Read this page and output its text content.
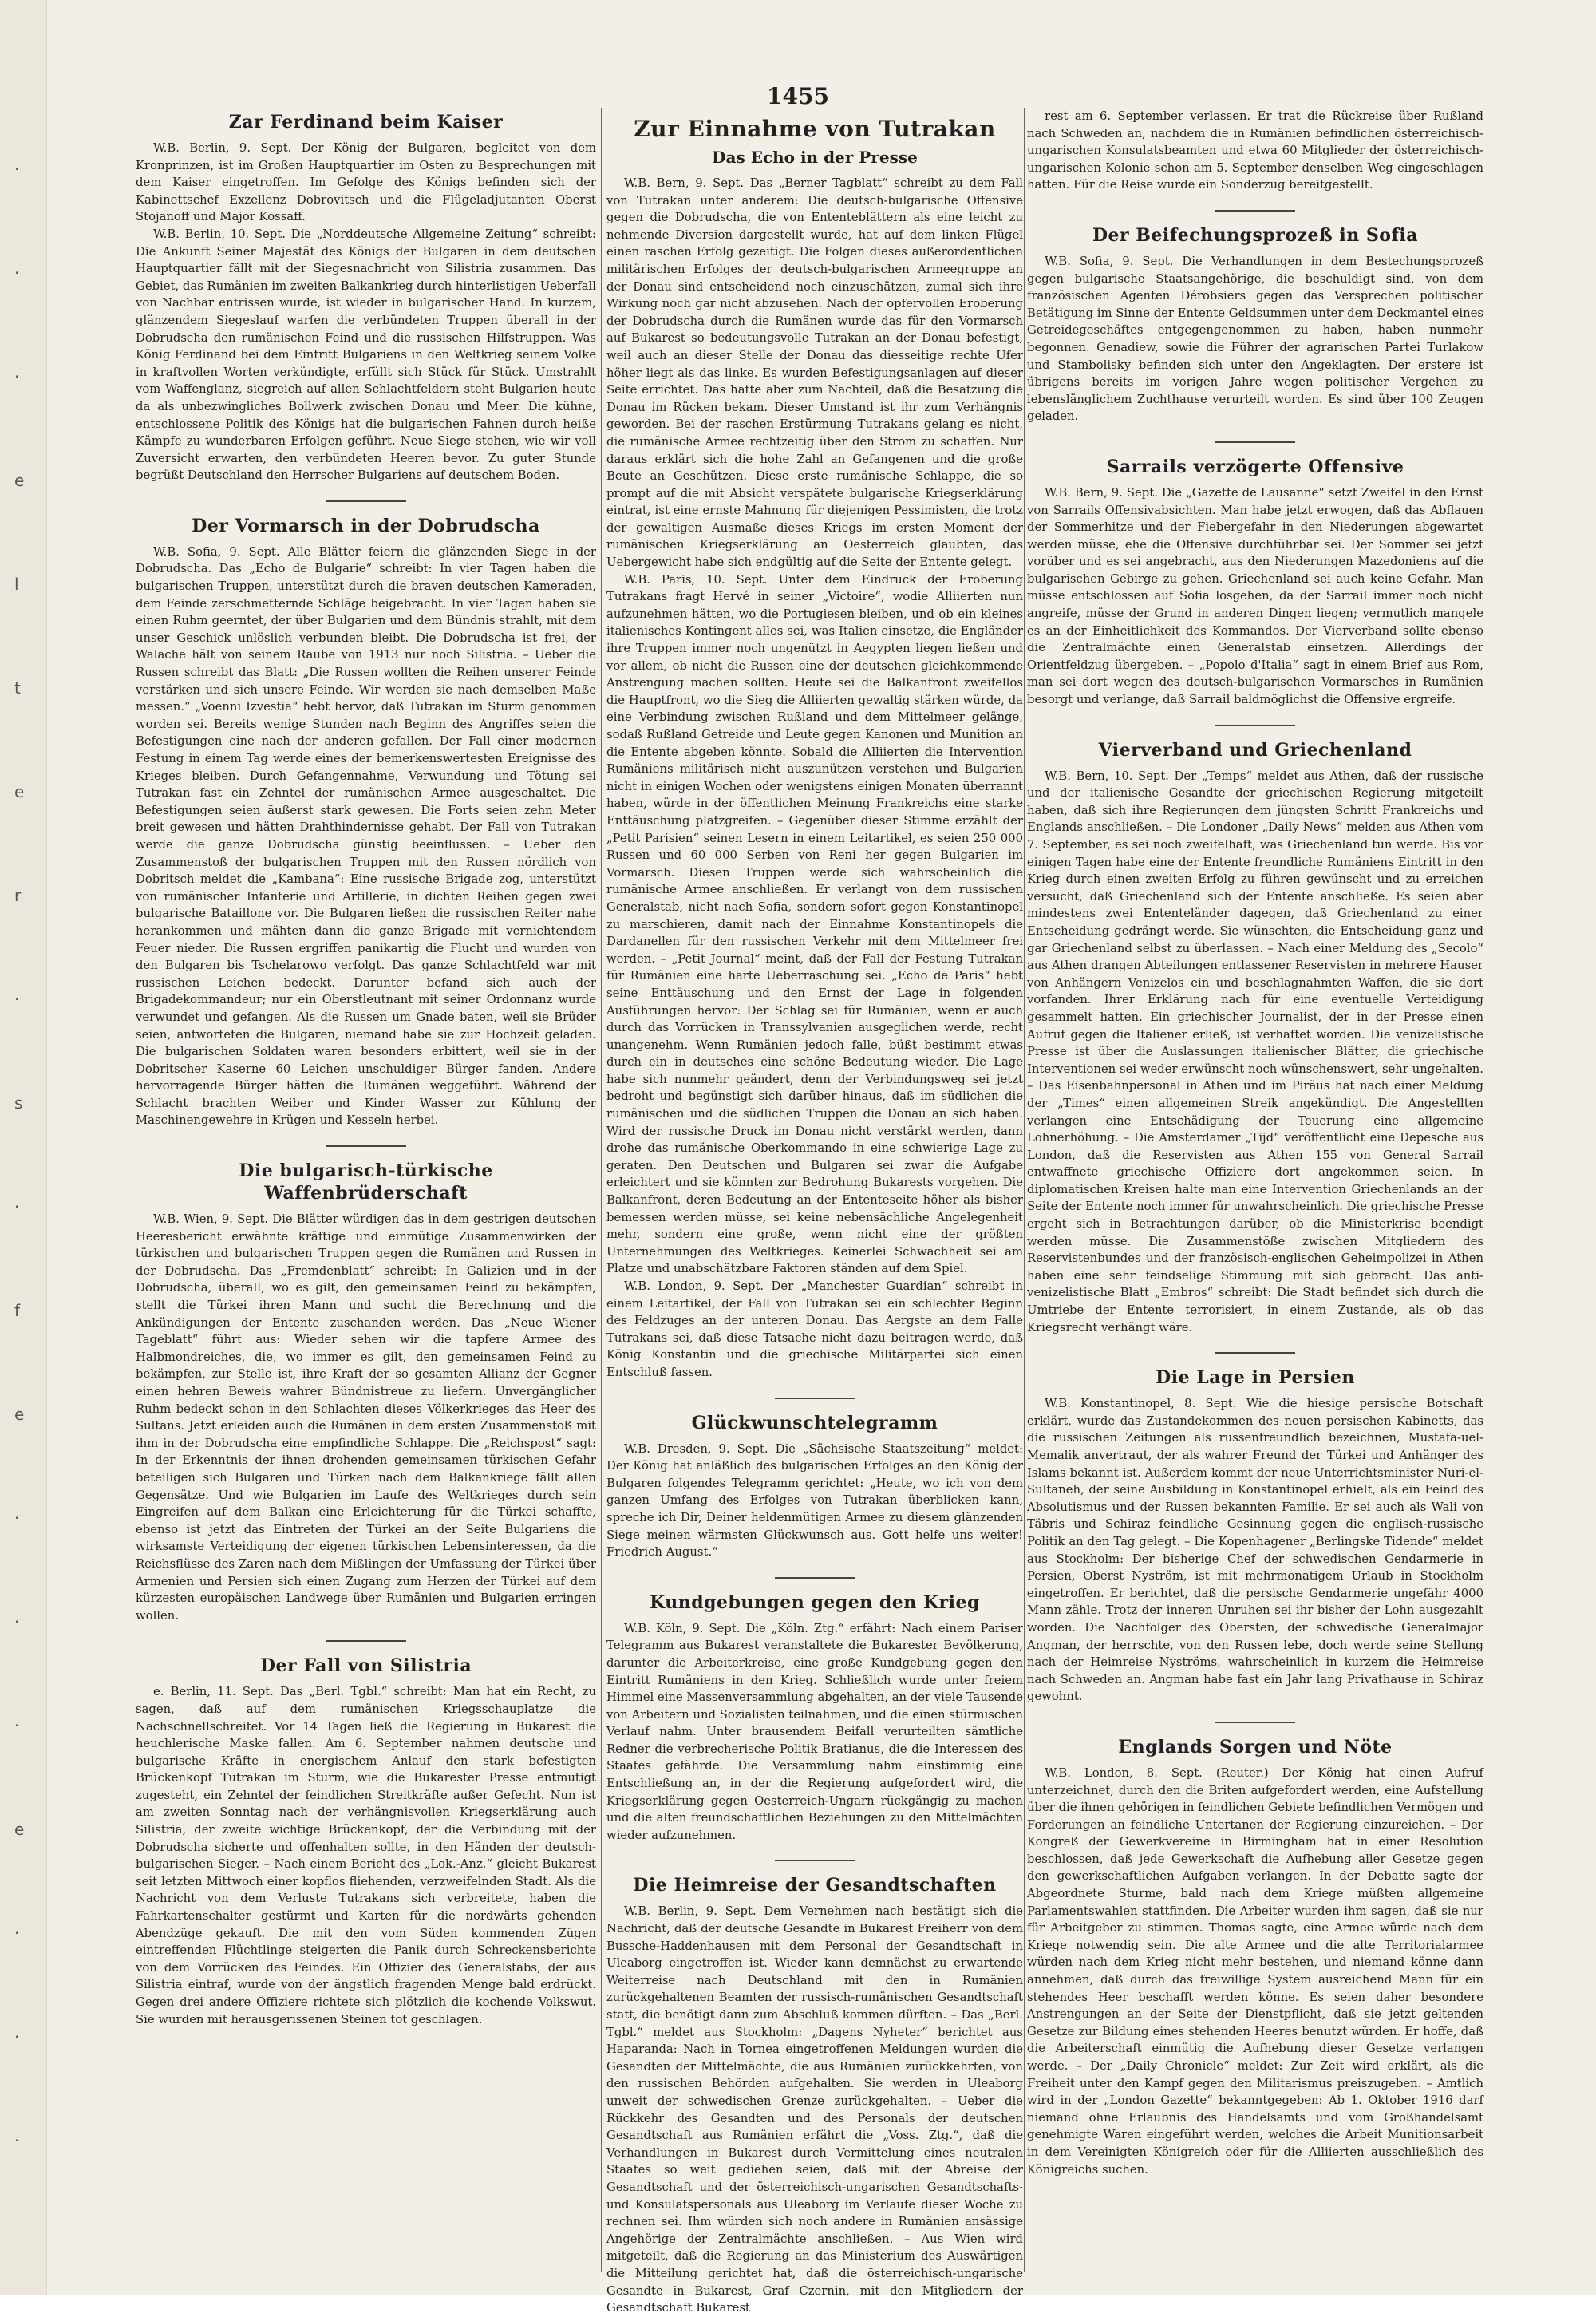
·
·
·
e
l
t
e
r
·
s
·
f
e
·
·
·
e
·
·
·
1455
Zar Ferdinand beim Kaiser

W.B. Berlin, 9. Sept. Der König der Bulgaren, begleitet von dem Kronprinzen, ist im Großen Hauptquartier im Osten zu Besprechungen mit dem Kaiser eingetroffen. Im Gefolge des Königs befinden sich der Kabinettschef Exzellenz Dobrovitsch und die Flügeladjutanten Oberst Stojanoff und Major Kossaff.

W.B. Berlin, 10. Sept. Die „Norddeutsche Allgemeine Zeitung“ schreibt: Die Ankunft Seiner Majestät des Königs der Bulgaren in dem deutschen Hauptquartier fällt mit der Siegesnachricht von Silistria zusammen. Das Gebiet, das Rumänien im zweiten Balkankrieg durch hinterlistigen Ueberfall von Nachbar entrissen wurde, ist wieder in bulgarischer Hand. In kurzem, glänzendem Siegeslauf warfen die verbündeten Truppen überall in der Dobrudscha den rumänischen Feind und die russischen Hilfstruppen. Was König Ferdinand bei dem Eintritt Bulgariens in den Weltkrieg seinem Volke in kraftvollen Worten verkündigte, erfüllt sich Stück für Stück. Umstrahlt vom Waffenglanz, siegreich auf allen Schlachtfeldern steht Bulgarien heute da als unbezwingliches Bollwerk zwischen Donau und Meer. Die kühne, entschlossene Politik des Königs hat die bulgarischen Fahnen durch heiße Kämpfe zu wunderbaren Erfolgen geführt. Neue Siege stehen, wie wir voll Zuversicht erwarten, den verbündeten Heeren bevor. Zu guter Stunde begrüßt Deutschland den Herrscher Bulgariens auf deutschem Boden.

Der Vormarsch in der Dobrudscha

W.B. Sofia, 9. Sept. Alle Blätter feiern die glänzenden Siege in der Dobrudscha. Das „Echo de Bulgarie“ schreibt: In vier Tagen haben die bulgarischen Truppen, unterstützt durch die braven deutschen Kameraden, dem Feinde zerschmetternde Schläge beigebracht. In vier Tagen haben sie einen Ruhm geerntet, der über Bulgarien und dem Bündnis strahlt, mit dem unser Geschick unlöslich verbunden bleibt. Die Dobrudscha ist frei, der Walache hält von seinem Raube von 1913 nur noch Silistria. – Ueber die Russen schreibt das Blatt: „Die Russen wollten die Reihen unserer Feinde verstärken und sich unsere Feinde. Wir werden sie nach demselben Maße messen.“ „Voenni Izvestia“ hebt hervor, daß Tutrakan im Sturm genommen worden sei. Bereits wenige Stunden nach Beginn des Angriffes seien die Befestigungen eine nach der anderen gefallen. Der Fall einer modernen Festung in einem Tag werde eines der bemerkenswertesten Ereignisse des Krieges bleiben. Durch Gefangennahme, Verwundung und Tötung sei Tutrakan fast ein Zehntel der rumänischen Armee ausgeschaltet. Die Befestigungen seien äußerst stark gewesen. Die Forts seien zehn Meter breit gewesen und hätten Drahthindernisse gehabt. Der Fall von Tutrakan werde die ganze Dobrudscha günstig beeinflussen. – Ueber den Zusammenstoß der bulgarischen Truppen mit den Russen nördlich von Dobritsch meldet die „Kambana“: Eine russische Brigade zog, unterstützt von rumänischer Infanterie und Artillerie, in dichten Reihen gegen zwei bulgarische Bataillone vor. Die Bulgaren ließen die russischen Reiter nahe herankommen und mähten dann die ganze Brigade mit vernichtendem Feuer nieder. Die Russen ergriffen panikartig die Flucht und wurden von den Bulgaren bis Tschelarowo verfolgt. Das ganze Schlachtfeld war mit russischen Leichen bedeckt. Darunter befand sich auch der Brigadekommandeur; nur ein Oberstleutnant mit seiner Ordonnanz wurde verwundet und gefangen. Als die Russen um Gnade baten, weil sie Brüder seien, antworteten die Bulgaren, niemand habe sie zur Hochzeit geladen. Die bulgarischen Soldaten waren besonders erbittert, weil sie in der Dobritscher Kaserne 60 Leichen unschuldiger Bürger fanden. Andere hervorragende Bürger hätten die Rumänen weggeführt. Während der Schlacht brachten Weiber und Kinder Wasser zur Kühlung der Maschinengewehre in Krügen und Kesseln herbei.

Die bulgarisch-türkische Waffenbrüderschaft

W.B. Wien, 9. Sept. Die Blätter würdigen das in dem gestrigen deutschen Heeresbericht erwähnte kräftige und einmütige Zusammenwirken der türkischen und bulgarischen Truppen gegen die Rumänen und Russen in der Dobrudscha. Das „Fremdenblatt“ schreibt: In Galizien und in der Dobrudscha, überall, wo es gilt, den gemeinsamen Feind zu bekämpfen, stellt die Türkei ihren Mann und sucht die Berechnung und die Ankündigungen der Entente zuschanden werden. Das „Neue Wiener Tageblatt“ führt aus: Wieder sehen wir die tapfere Armee des Halbmondreiches, die, wo immer es gilt, den gemeinsamen Feind zu bekämpfen, zur Stelle ist, ihre Kraft der so gesamten Allianz der Gegner einen hehren Beweis wahrer Bündnistreue zu liefern. Unvergänglicher Ruhm bedeckt schon in den Schlachten dieses Völkerkrieges das Heer des Sultans. Jetzt erleiden auch die Rumänen in dem ersten Zusammenstoß mit ihm in der Dobrudscha eine empfindliche Schlappe. Die „Reichspost“ sagt: In der Erkenntnis der ihnen drohenden gemeinsamen türkischen Gefahr beteiligen sich Bulgaren und Türken nach dem Balkankriege fällt allen Gegensätze. Und wie Bulgarien im Laufe des Weltkrieges durch sein Eingreifen auf dem Balkan eine Erleichterung für die Türkei schaffte, ebenso ist jetzt das Eintreten der Türkei an der Seite Bulgariens die wirksamste Verteidigung der eigenen türkischen Lebensinteressen, da die Reichsflüsse des Zaren nach dem Mißlingen der Umfassung der Türkei über Armenien und Persien sich einen Zugang zum Herzen der Türkei auf dem kürzesten europäischen Landwege über Rumänien und Bulgarien erringen wollen.

Der Fall von Silistria

e. Berlin, 11. Sept. Das „Berl. Tgbl.“ schreibt: Man hat ein Recht, zu sagen, daß auf dem rumänischen Kriegsschauplatze die Nachschnellschreitet. Vor 14 Tagen ließ die Regierung in Bukarest die heuchlerische Maske fallen. Am 6. September nahmen deutsche und bulgarische Kräfte in energischem Anlauf den stark befestigten Brückenkopf Tutrakan im Sturm, wie die Bukarester Presse entmutigt zugesteht, ein Zehntel der feindlichen Streitkräfte außer Gefecht. Nun ist am zweiten Sonntag nach der verhängnisvollen Kriegserklärung auch Silistria, der zweite wichtige Brückenkopf, der die Verbindung mit der Dobrudscha sicherte und offenhalten sollte, in den Händen der deutsch-bulgarischen Sieger. – Nach einem Bericht des „Lok.-Anz.“ gleicht Bukarest seit letzten Mittwoch einer kopflos fliehenden, verzweifelnden Stadt. Als die Nachricht von dem Verluste Tutrakans sich verbreitete, haben die Fahrkartenschalter gestürmt und Karten für die nordwärts gehenden Abendzüge gekauft. Die mit den vom Süden kommenden Zügen eintreffenden Flüchtlinge steigerten die Panik durch Schreckensberichte von dem Vorrücken des Feindes. Ein Offizier des Generalstabs, der aus Silistria eintraf, wurde von der ängstlich fragenden Menge bald erdrückt. Gegen drei andere Offiziere richtete sich plötzlich die kochende Volkswut. Sie wurden mit herausgerissenen Steinen tot geschlagen.

Zur Einnahme von Tutrakan
Das Echo in der Presse

W.B. Bern, 9. Sept. Das „Berner Tagblatt“ schreibt zu dem Fall von Tutrakan unter anderem: Die deutsch-bulgarische Offensive gegen die Dobrudscha, die von Ententeblättern als eine leicht zu nehmende Diversion dargestellt wurde, hat auf dem linken Flügel einen raschen Erfolg gezeitigt. Die Folgen dieses außerordentlichen militärischen Erfolges der deutsch-bulgarischen Armeegruppe an der Donau sind entscheidend noch einzuschätzen, zumal sich ihre Wirkung noch gar nicht abzusehen. Nach der opfervollen Eroberung der Dobrudscha durch die Rumänen wurde das für den Vormarsch auf Bukarest so bedeutungsvolle Tutrakan an der Donau befestigt, weil auch an dieser Stelle der Donau das diesseitige rechte Ufer höher liegt als das linke. Es wurden Befestigungsanlagen auf dieser Seite errichtet. Das hatte aber zum Nachteil, daß die Besatzung die Donau im Rücken bekam. Dieser Umstand ist ihr zum Verhängnis geworden. Bei der raschen Erstürmung Tutrakans gelang es nicht, die rumänische Armee rechtzeitig über den Strom zu schaffen. Nur daraus erklärt sich die hohe Zahl an Gefangenen und die große Beute an Geschützen. Diese erste rumänische Schlappe, die so prompt auf die mit Absicht verspätete bulgarische Kriegserklärung eintrat, ist eine ernste Mahnung für diejenigen Pessimisten, die trotz der gewaltigen Ausmaße dieses Kriegs im ersten Moment der rumänischen Kriegserklärung an Oesterreich glaubten, das Uebergewicht habe sich endgültig auf die Seite der Entente gelegt.

W.B. Paris, 10. Sept. Unter dem Eindruck der Eroberung Tutrakans fragt Hervé in seiner „Victoire“, wodie Alliierten nun aufzunehmen hätten, wo die Portugiesen bleiben, und ob ein kleines italienisches Kontingent alles sei, was Italien einsetze, die Engländer ihre Truppen immer noch ungenützt in Aegypten liegen ließen und vor allem, ob nicht die Russen eine der deutschen gleichkommende Anstrengung machen sollten. Heute sei die Balkanfront zweifellos die Hauptfront, wo die Sieg die Alliierten gewaltig stärken würde, da eine Verbindung zwischen Rußland und dem Mittelmeer gelänge, sodaß Rußland Getreide und Leute gegen Kanonen und Munition an die Entente abgeben könnte. Sobald die Alliierten die Intervention Rumäniens militärisch nicht auszunützen verstehen und Bulgarien nicht in einigen Wochen oder wenigstens einigen Monaten überrannt haben, würde in der öffentlichen Meinung Frankreichs eine starke Enttäuschung platzgreifen. – Gegenüber dieser Stimme erzählt der „Petit Parisien“ seinen Lesern in einem Leitartikel, es seien 250 000 Russen und 60 000 Serben von Reni her gegen Bulgarien im Vormarsch. Diesen Truppen werde sich wahrscheinlich die rumänische Armee anschließen. Er verlangt von dem russischen Generalstab, nicht nach Sofia, sondern sofort gegen Konstantinopel zu marschieren, damit nach der Einnahme Konstantinopels die Dardanellen für den russischen Verkehr mit dem Mittelmeer frei werden. – „Petit Journal“ meint, daß der Fall der Festung Tutrakan für Rumänien eine harte Ueberraschung sei. „Echo de Paris“ hebt seine Enttäuschung und den Ernst der Lage in folgenden Ausführungen hervor: Der Schlag sei für Rumänien, wenn er auch durch das Vorrücken in Transsylvanien ausgeglichen werde, recht unangenehm. Wenn Rumänien jedoch falle, büßt bestimmt etwas durch ein in deutsches eine schöne Bedeutung wieder. Die Lage habe sich nunmehr geändert, denn der Verbindungsweg sei jetzt bedroht und begünstigt sich darüber hinaus, daß im südlichen die rumänischen und die südlichen Truppen die Donau an sich haben. Wird der russische Druck im Donau nicht verstärkt werden, dann drohe das rumänische Oberkommando in eine schwierige Lage zu geraten. Den Deutschen und Bulgaren sei zwar die Aufgabe erleichtert und sie könnten zur Bedrohung Bukarests vorgehen. Die Balkanfront, deren Bedeutung an der Ententeseite höher als bisher bemessen werden müsse, sei keine nebensächliche Angelegenheit mehr, sondern eine große, wenn nicht eine der größten Unternehmungen des Weltkrieges. Keinerlei Schwachheit sei am Platze und unabschätzbare Faktoren ständen auf dem Spiel.

W.B. London, 9. Sept. Der „Manchester Guardian“ schreibt in einem Leitartikel, der Fall von Tutrakan sei ein schlechter Beginn des Feldzuges an der unteren Donau. Das Aergste an dem Falle Tutrakans sei, daß diese Tatsache nicht dazu beitragen werde, daß König Konstantin und die griechische Militärpartei sich einen Entschluß fassen.

Glückwunschtelegramm

W.B. Dresden, 9. Sept. Die „Sächsische Staatszeitung“ meldet: Der König hat anläßlich des bulgarischen Erfolges an den König der Bulgaren folgendes Telegramm gerichtet: „Heute, wo ich von dem ganzen Umfang des Erfolges von Tutrakan überblicken kann, spreche ich Dir, Deiner heldenmütigen Armee zu diesem glänzenden Siege meinen wärmsten Glückwunsch aus. Gott helfe uns weiter! Friedrich August.“

Kundgebungen gegen den Krieg

W.B. Köln, 9. Sept. Die „Köln. Ztg.“ erfährt: Nach einem Pariser Telegramm aus Bukarest veranstaltete die Bukarester Bevölkerung, darunter die Arbeiterkreise, eine große Kundgebung gegen den Eintritt Rumäniens in den Krieg. Schließlich wurde unter freiem Himmel eine Massenversammlung abgehalten, an der viele Tausende von Arbeitern und Sozialisten teilnahmen, und die einen stürmischen Verlauf nahm. Unter brausendem Beifall verurteilten sämtliche Redner die verbrecherische Politik Bratianus, die die Interessen des Staates gefährde. Die Versammlung nahm einstimmig eine Entschließung an, in der die Regierung aufgefordert wird, die Kriegserklärung gegen Oesterreich-Ungarn rückgängig zu machen und die alten freundschaftlichen Beziehungen zu den Mittelmächten wieder aufzunehmen.

Die Heimreise der Gesandtschaften

W.B. Berlin, 9. Sept. Dem Vernehmen nach bestätigt sich die Nachricht, daß der deutsche Gesandte in Bukarest Freiherr von dem Bussche-Haddenhausen mit dem Personal der Gesandtschaft in Uleaborg eingetroffen ist. Wieder kann demnächst zu erwartende Weiterreise nach Deutschland mit den in Rumänien zurückgehaltenen Beamten der russisch-rumänischen Gesandtschaft statt, die benötigt dann zum Abschluß kommen dürften. – Das „Berl. Tgbl.“ meldet aus Stockholm: „Dagens Nyheter“ berichtet aus Haparanda: Nach in Tornea eingetroffenen Meldungen wurden die Gesandten der Mittelmächte, die aus Rumänien zurückkehrten, von den russischen Behörden aufgehalten. Sie werden in Uleaborg unweit der schwedischen Grenze zurückgehalten. – Ueber die Rückkehr des Gesandten und des Personals der deutschen Gesandtschaft aus Rumänien erfährt die „Voss. Ztg.“, daß die Verhandlungen in Bukarest durch Vermittelung eines neutralen Staates so weit gediehen seien, daß mit der Abreise der Gesandtschaft und der österreichisch-ungarischen Gesandtschafts- und Konsulatspersonals aus Uleaborg im Verlaufe dieser Woche zu rechnen sei. Ihm würden sich noch andere in Rumänien ansässige Angehörige der Zentralmächte anschließen. – Aus Wien wird mitgeteilt, daß die Regierung an das Ministerium des Auswärtigen die Mitteilung gerichtet hat, daß die österreichisch-ungarische Gesandte in Bukarest, Graf Czernin, mit den Mitgliedern der Gesandtschaft Bukarest

rest am 6. September verlassen. Er trat die Rückreise über Rußland nach Schweden an, nachdem die in Rumänien befindlichen österreichisch-ungarischen Konsulatsbeamten und etwa 60 Mitglieder der österreichisch-ungarischen Kolonie schon am 5. September denselben Weg eingeschlagen hatten. Für die Reise wurde ein Sonderzug bereitgestellt.

Der Beifechungsprozeß in Sofia

W.B. Sofia, 9. Sept. Die Verhandlungen in dem Bestechungsprozeß gegen bulgarische Staatsangehörige, die beschuldigt sind, von dem französischen Agenten Dérobsiers gegen das Versprechen politischer Betätigung im Sinne der Entente Geldsummen unter dem Deckmantel eines Getreidegeschäftes entgegengenommen zu haben, haben nunmehr begonnen. Genadiew, sowie die Führer der agrarischen Partei Turlakow und Stambolisky befinden sich unter den Angeklagten. Der erstere ist übrigens bereits im vorigen Jahre wegen politischer Vergehen zu lebenslänglichem Zuchthause verurteilt worden. Es sind über 100 Zeugen geladen.

Sarrails verzögerte Offensive

W.B. Bern, 9. Sept. Die „Gazette de Lausanne“ setzt Zweifel in den Ernst von Sarrails Offensivabsichten. Man habe jetzt erwogen, daß das Abflauen der Sommerhitze und der Fiebergefahr in den Niederungen abgewartet werden müsse, ehe die Offensive durchführbar sei. Der Sommer sei jetzt vorüber und es sei angebracht, aus den Niederungen Mazedoniens auf die bulgarischen Gebirge zu gehen. Griechenland sei auch keine Gefahr. Man müsse entschlossen auf Sofia losgehen, da der Sarrail immer noch nicht angreife, müsse der Grund in anderen Dingen liegen; vermutlich mangele es an der Einheitlichkeit des Kommandos. Der Vierverband sollte ebenso die Zentralmächte einen Generalstab einsetzen. Allerdings der Orientfeldzug übergeben. – „Popolo d'Italia“ sagt in einem Brief aus Rom, man sei dort wegen des deutsch-bulgarischen Vormarsches in Rumänien besorgt und verlange, daß Sarrail baldmöglichst die Offensive ergreife.

Vierverband und Griechenland

W.B. Bern, 10. Sept. Der „Temps“ meldet aus Athen, daß der russische und der italienische Gesandte der griechischen Regierung mitgeteilt haben, daß sich ihre Regierungen dem jüngsten Schritt Frankreichs und Englands anschließen. – Die Londoner „Daily News“ melden aus Athen vom 7. September, es sei noch zweifelhaft, was Griechenland tun werde. Bis vor einigen Tagen habe eine der Entente freundliche Rumäniens Eintritt in den Krieg durch einen zweiten Erfolg zu führen gewünscht und zu erreichen versucht, daß Griechenland sich der Entente anschließe. Es seien aber mindestens zwei Ententeländer dagegen, daß Griechenland zu einer Entscheidung gedrängt werde. Sie wünschten, die Entscheidung ganz und gar Griechenland selbst zu überlassen. – Nach einer Meldung des „Secolo“ aus Athen drangen Abteilungen entlassener Reservisten in mehrere Hauser von Anhängern Venizelos ein und beschlagnahmten Waffen, die sie dort vorfanden. Ihrer Erklärung nach für eine eventuelle Verteidigung gesammelt hatten. Ein griechischer Journalist, der in der Presse einen Aufruf gegen die Italiener erließ, ist verhaftet worden. Die venizelistische Presse ist über die Auslassungen italienischer Blätter, die griechische Interventionen sei weder erwünscht noch wünschenswert, sehr ungehalten. – Das Eisenbahnpersonal in Athen und im Piräus hat nach einer Meldung der „Times“ einen allgemeinen Streik angekündigt. Die Angestellten verlangen eine Entschädigung der Teuerung eine allgemeine Lohnerhöhung. – Die Amsterdamer „Tijd“ veröffentlicht eine Depesche aus London, daß die Reservisten aus Athen 155 von General Sarrail entwaffnete griechische Offiziere dort angekommen seien. In diplomatischen Kreisen halte man eine Intervention Griechenlands an der Seite der Entente noch immer für unwahrscheinlich. Die griechische Presse ergeht sich in Betrachtungen darüber, ob die Ministerkrise beendigt werden müsse. Die Zusammenstöße zwischen Mitgliedern des Reservistenbundes und der französisch-englischen Geheimpolizei in Athen haben eine sehr feindselige Stimmung mit sich gebracht. Das anti-venizelistische Blatt „Embros“ schreibt: Die Stadt befindet sich durch die Umtriebe der Entente terrorisiert, in einem Zustande, als ob das Kriegsrecht verhängt wäre.

Die Lage in Persien

W.B. Konstantinopel, 8. Sept. Wie die hiesige persische Botschaft erklärt, wurde das Zustandekommen des neuen persischen Kabinetts, das die russischen Zeitungen als russenfreundlich bezeichnen, Mustafa-uel-Memalik anvertraut, der als wahrer Freund der Türkei und Anhänger des Islams bekannt ist. Außerdem kommt der neue Unterrichtsminister Nuri-el-Sultaneh, der seine Ausbildung in Konstantinopel erhielt, als ein Feind des Absolutismus und der Russen bekannten Familie. Er sei auch als Wali von Täbris und Schiraz feindliche Gesinnung gegen die englisch-russische Politik an den Tag gelegt. – Die Kopenhagener „Berlingske Tidende“ meldet aus Stockholm: Der bisherige Chef der schwedischen Gendarmerie in Persien, Oberst Nyström, ist mit mehrmonatigem Urlaub in Stockholm eingetroffen. Er berichtet, daß die persische Gendarmerie ungefähr 4000 Mann zähle. Trotz der inneren Unruhen sei ihr bisher der Lohn ausgezahlt worden. Die Nachfolger des Obersten, der schwedische Generalmajor Angman, der herrschte, von den Russen lebe, doch werde seine Stellung nach der Heimreise Nyströms, wahrscheinlich in kurzem die Heimreise nach Schweden an. Angman habe fast ein Jahr lang Privathause in Schiraz gewohnt.

Englands Sorgen und Nöte

W.B. London, 8. Sept. (Reuter.) Der König hat einen Aufruf unterzeichnet, durch den die Briten aufgefordert werden, eine Aufstellung über die ihnen gehörigen in feindlichen Gebiete befindlichen Vermögen und Forderungen an feindliche Untertanen der Regierung einzureichen. – Der Kongreß der Gewerkvereine in Birmingham hat in einer Resolution beschlossen, daß jede Gewerkschaft die Aufhebung aller Gesetze gegen den gewerkschaftlichen Aufgaben verlangen. In der Debatte sagte der Abgeordnete Sturme, bald nach dem Kriege müßten allgemeine Parlamentswahlen stattfinden. Die Arbeiter wurden ihm sagen, daß sie nur für Arbeitgeber zu stimmen. Thomas sagte, eine Armee würde nach dem Kriege notwendig sein. Die alte Armee und die alte Territorialarmee würden nach dem Krieg nicht mehr bestehen, und niemand könne dann annehmen, daß durch das freiwillige System ausreichend Mann für ein stehendes Heer beschafft werden könne. Es seien daher besondere Anstrengungen an der Seite der Dienstpflicht, daß sie jetzt geltenden Gesetze zur Bildung eines stehenden Heeres benutzt würden. Er hoffe, daß die Arbeiterschaft einmütig die Aufhebung dieser Gesetze verlangen werde. – Der „Daily Chronicle“ meldet: Zur Zeit wird erklärt, als die Freiheit unter den Kampf gegen den Militarismus preiszugeben. – Amtlich wird in der „London Gazette“ bekanntgegeben: Ab 1. Oktober 1916 darf niemand ohne Erlaubnis des Handelsamts und vom Großhandelsamt genehmigte Waren eingeführt werden, welches die Arbeit Munitionsarbeit in dem Vereinigten Königreich oder für die Alliierten ausschließlich des Königreichs suchen.
